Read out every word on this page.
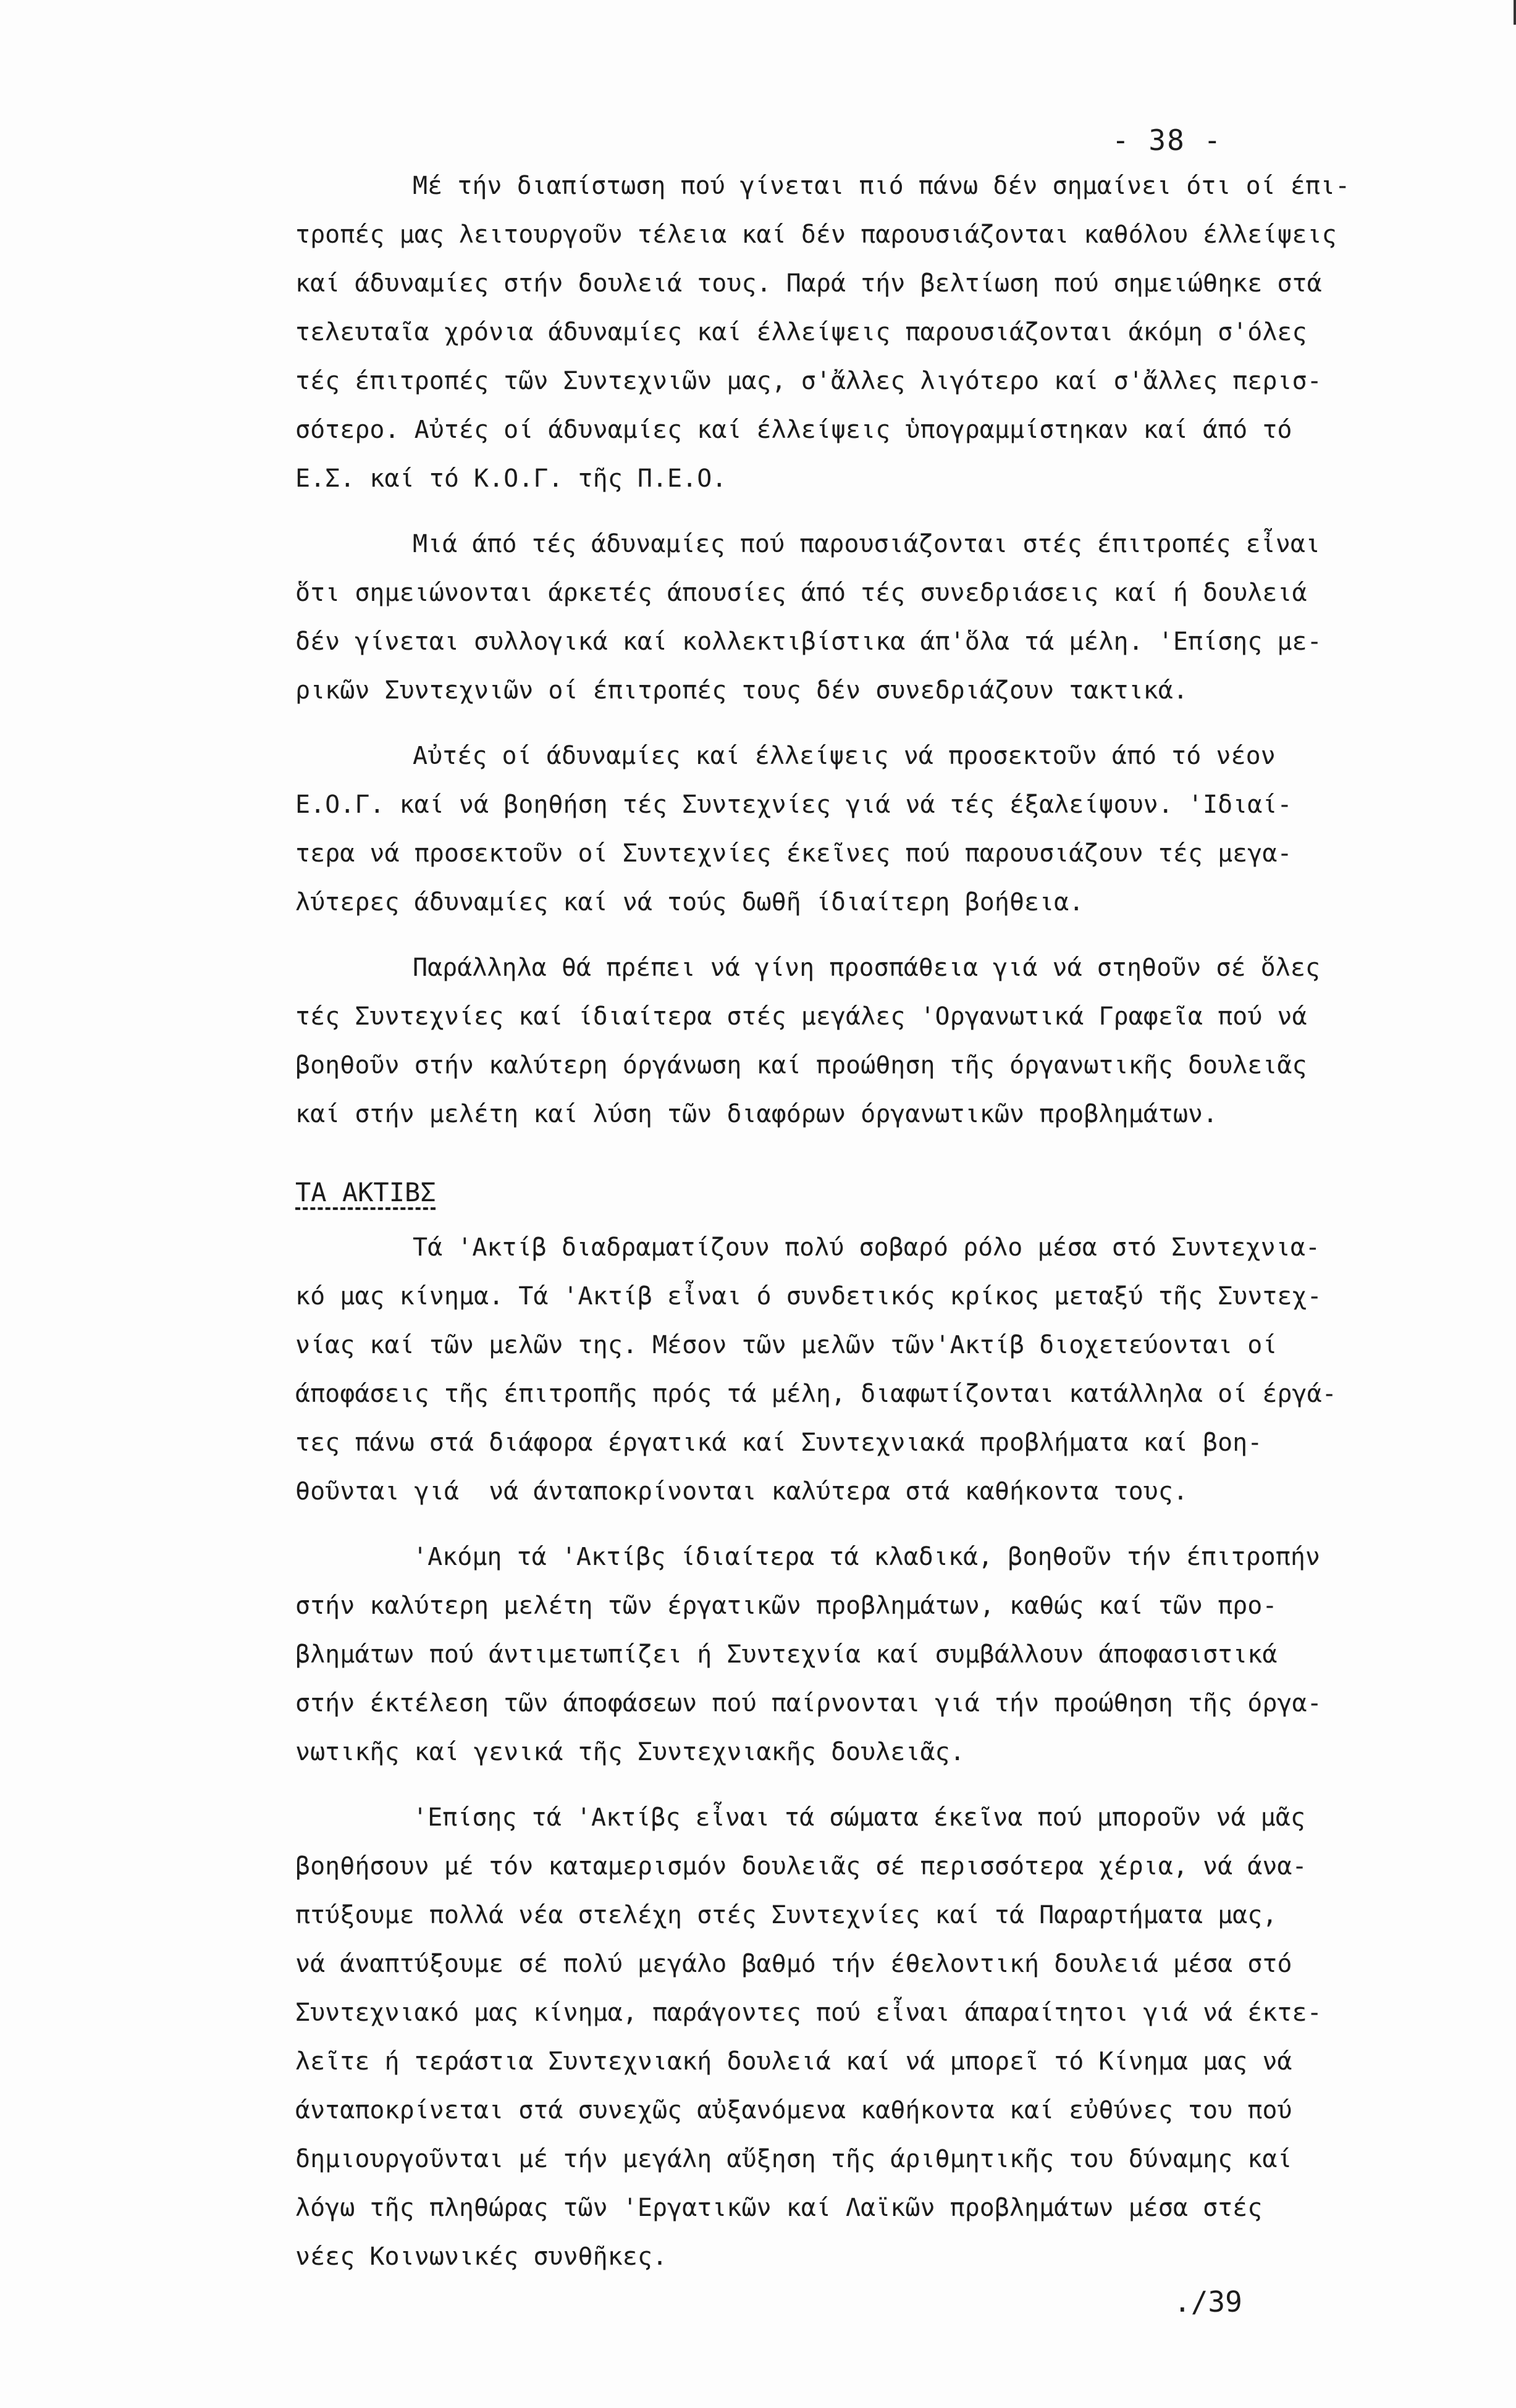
- 38 -
Μέ τήν διαπίστωση πού γίνεται πιό πάνω δέν σημαίνει ότι οί έπι-
τροπές μας λειτουργοῦν τέλεια καί δέν παρουσιάζονται καθόλου έλλείψεις
καί άδυναμίες στήν δουλειά τους. Παρά τήν βελτίωση πού σημειώθηκε στά
τελευταῖα χρόνια άδυναμίες καί έλλείψεις παρουσιάζονται άκόμη σ'όλες
τές έπιτροπές τῶν Συντεχνιῶν μας, σ'ἄλλες λιγότερο καί σ'ἄλλες περισ-
σότερο. Αὐτές οί άδυναμίες καί έλλείψεις ὑπογραμμίστηκαν καί άπό τό
Ε.Σ. καί τό Κ.Ο.Γ. τῆς Π.Ε.Ο.
Μιά άπό τές άδυναμίες πού παρουσιάζονται στές έπιτροπές εἶναι
ὅτι σημειώνονται άρκετές άπουσίες άπό τές συνεδριάσεις καί ή δουλειά
δέν γίνεται συλλογικά καί κολλεκτιβίστικα άπ'ὅλα τά μέλη. 'Επίσης με-
ρικῶν Συντεχνιῶν οί έπιτροπές τους δέν συνεδριάζουν τακτικά.
Αὐτές οί άδυναμίες καί έλλείψεις νά προσεκτοῦν άπό τό νέον
Ε.Ο.Γ. καί νά βοηθήση τές Συντεχνίες γιά νά τές έξαλείψουν. 'Ιδιαί-
τερα νά προσεκτοῦν οί Συντεχνίες έκεῖνες πού παρουσιάζουν τές μεγα-
λύτερες άδυναμίες καί νά τούς δωθῆ ίδιαίτερη βοήθεια.
Παράλληλα θά πρέπει νά γίνη προσπάθεια γιά νά στηθοῦν σέ ὅλες
τές Συντεχνίες καί ίδιαίτερα στές μεγάλες 'Οργανωτικά Γραφεῖα πού νά
βοηθοῦν στήν καλύτερη όργάνωση καί προώθηση τῆς όργανωτικῆς δουλειᾶς
καί στήν μελέτη καί λύση τῶν διαφόρων όργανωτικῶν προβλημάτων.
ΤΑ ΑΚΤΙΒΣ
Τά 'Ακτίβ διαδραματίζουν πολύ σοβαρό ρόλο μέσα στό Συντεχνια-
κό μας κίνημα. Τά 'Ακτίβ εἶναι ό συνδετικός κρίκος μεταξύ τῆς Συντεχ-
νίας καί τῶν μελῶν της. Μέσον τῶν μελῶν τῶν'Ακτίβ διοχετεύονται οί
άποφάσεις τῆς έπιτροπῆς πρός τά μέλη, διαφωτίζονται κατάλληλα οί έργά-
τες πάνω στά διάφορα έργατικά καί Συντεχνιακά προβλήματα καί βοη-
θοῦνται γιά  νά άνταποκρίνονται καλύτερα στά καθήκοντα τους.
'Ακόμη τά 'Ακτίβς ίδιαίτερα τά κλαδικά, βοηθοῦν τήν έπιτροπήν
στήν καλύτερη μελέτη τῶν έργατικῶν προβλημάτων, καθώς καί τῶν προ-
βλημάτων πού άντιμετωπίζει ή Συντεχνία καί συμβάλλουν άποφασιστικά
στήν έκτέλεση τῶν άποφάσεων πού παίρνονται γιά τήν προώθηση τῆς όργα-
νωτικῆς καί γενικά τῆς Συντεχνιακῆς δουλειᾶς.
'Επίσης τά 'Ακτίβς εἶναι τά σώματα έκεῖνα πού μποροῦν νά μᾶς
βοηθήσουν μέ τόν καταμερισμόν δουλειᾶς σέ περισσότερα χέρια, νά άνα-
πτύξουμε πολλά νέα στελέχη στές Συντεχνίες καί τά Παραρτήματα μας,
νά άναπτύξουμε σέ πολύ μεγάλο βαθμό τήν έθελοντική δουλειά μέσα στό
Συντεχνιακό μας κίνημα, παράγοντες πού εἶναι άπαραίτητοι γιά νά έκτε-
λεῖτε ή τεράστια Συντεχνιακή δουλειά καί νά μπορεῖ τό Κίνημα μας νά
άνταποκρίνεται στά συνεχῶς αὐξανόμενα καθήκοντα καί εὐθύνες του πού
δημιουργοῦνται μέ τήν μεγάλη αὔξηση τῆς άριθμητικῆς του δύναμης καί
λόγω τῆς πληθώρας τῶν 'Εργατικῶν καί Λαϊκῶν προβλημάτων μέσα στές
νέες Κοινωνικές συνθῆκες.
./39
